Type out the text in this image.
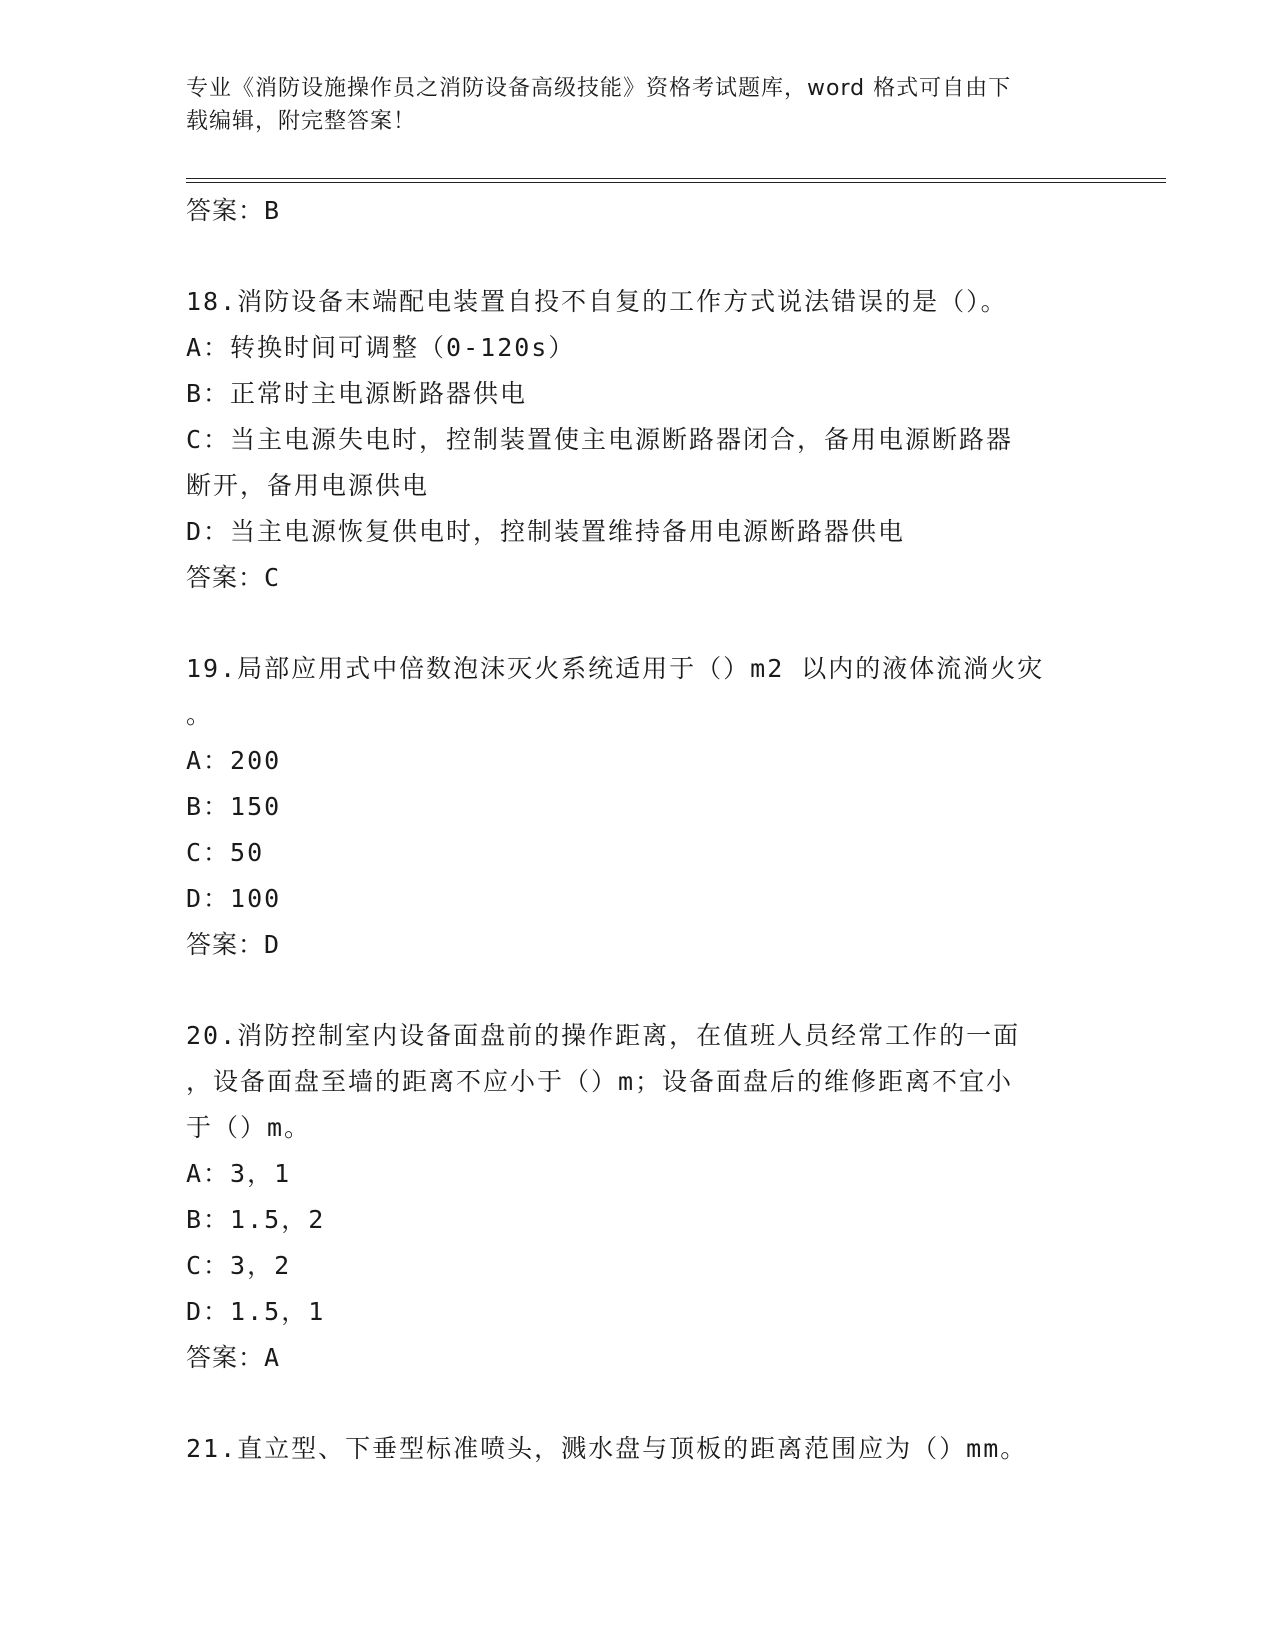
专业《消防设施操作员之消防设备高级技能》资格考试题库，word 格式可自由下
载编辑，附完整答案！
答案：B
18.消防设备末端配电装置自投不自复的工作方式说法错误的是（）。
A：转换时间可调整（0-120s）
B：正常时主电源断路器供电
C：当主电源失电时，控制装置使主电源断路器闭合，备用电源断路器
断开，备用电源供电
D：当主电源恢复供电时，控制装置维持备用电源断路器供电
答案：C
19.局部应用式中倍数泡沫灭火系统适用于（）m2 以内的液体流淌火灾
。
A：200
B：150
C：50
D：100
答案：D
20.消防控制室内设备面盘前的操作距离，在值班人员经常工作的一面
，设备面盘至墙的距离不应小于（）m；设备面盘后的维修距离不宜小
于（）m。
A：3，1
B：1.5，2
C：3，2
D：1.5，1
答案：A
21.直立型、下垂型标准喷头，溅水盘与顶板的距离范围应为（）mm。
